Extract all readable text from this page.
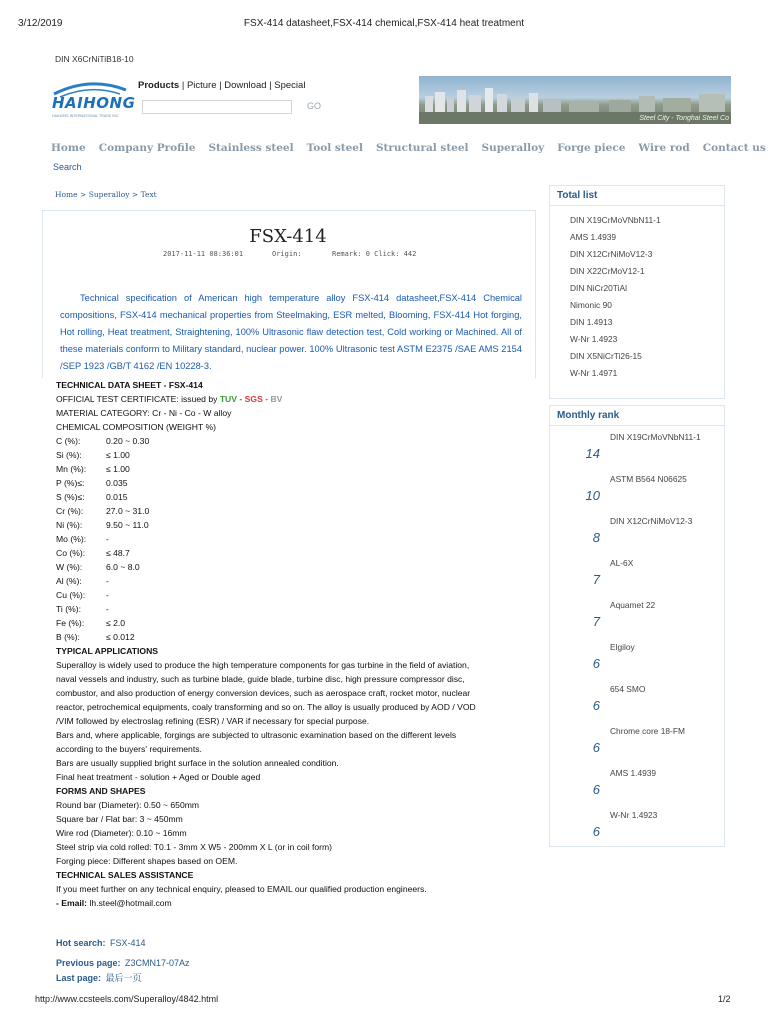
3/12/2019	FSX-414 datasheet,FSX-414 chemical,FSX-414 heat treatment
DIN X6CrNiTiB18-10
HAIHONG
HAIHONG INTERNATIONAL TRADE INC.
Products | Picture | Download | Special
GO
Steel City - Tonghai Steel Co
Home Company Profile Stainless steel Tool steel Structural steel Superalloy Forge piece Wire rod Contact us
Search
Home > Superalloy > Text
FSX-414
2017-11-11 08:36:01	Origin:	Remark: 0 Click: 442
Technical specification of American high temperature alloy FSX-414 datasheet,FSX-414 Chemical compositions, FSX-414 mechanical properties from Steelmaking, ESR melted, Blooming, FSX-414 Hot forging, Hot rolling, Heat treatment, Straightening, 100% Ultrasonic flaw detection test, Cold working or Machined. All of these materials conform to Military standard, nuclear power. 100% Ultrasonic test ASTM E2375 /SAE AMS 2154 /SEP 1923 /GB/T 4162 /EN 10228-3.
TECHNICAL DATA SHEET - FSX-414
OFFICIAL TEST CERTIFICATE: issued by TUV - SGS - BV
MATERIAL CATEGORY: Cr - Ni - Co - W alloy
CHEMICAL COMPOSITION (WEIGHT %)
C (%):	0.20 ~ 0.30
Si (%):	≤ 1.00
Mn (%):	≤ 1.00
P (%)≤:	0.035
S (%)≤:	0.015
Cr (%):	27.0 ~ 31.0
Ni (%):	9.50 ~ 11.0
Mo (%):	-
Co (%):	≤ 48.7
W (%):	6.0 ~ 8.0
Al (%):	-
Cu (%):	-
Ti (%):	-
Fe (%):	≤ 2.0
B (%):	≤ 0.012
TYPICAL APPLICATIONS
Superalloy is widely used to produce the high temperature components for gas turbine in the field of aviation,
naval vessels and industry, such as turbine blade, guide blade, turbine disc, high pressure compressor disc,
combustor, and also production of energy conversion devices, such as aerospace craft, rocket motor, nuclear
reactor, petrochemical equipments, coaly transforming and so on. The alloy is usually produced by AOD / VOD
/VIM followed by electroslag refining (ESR) / VAR if necessary for special purpose.
Bars and, where applicable, forgings are subjected to ultrasonic examination based on the different levels
according to the buyers' requirements.
Bars are usually supplied bright surface in the solution annealed condition.
Final heat treatment - solution + Aged or Double aged
FORMS AND SHAPES
Round bar (Diameter): 0.50 ~ 650mm
Square bar / Flat bar: 3 ~ 450mm
Wire rod (Diameter): 0.10 ~ 16mm
Steel strip via cold rolled: T0.1 - 3mm X W5 - 200mm X L (or in coil form)
Forging piece: Different shapes based on OEM.
TECHNICAL SALES ASSISTANCE
If you meet further on any technical enquiry, pleased to EMAIL our qualified production engineers.
- Email: lh.steel@hotmail.com
Hot search: FSX-414
Previous page: Z3CMN17-07Az
Last page: 最后一页
Total list
DIN X19CrMoVNbN11-1
AMS 1.4939
DIN X12CrNiMoV12-3
DIN X22CrMoV12-1
DIN NiCr20TiAl
Nimonic 90
DIN 1.4913
W-Nr 1.4923
DIN X5NiCrTi26-15
W-Nr 1.4971
Monthly rank
14
DIN X19CrMoVNbN11-1
10
ASTM B564 N06625
8
DIN X12CrNiMoV12-3
7
AL-6X
7
Aquamet 22
6
Elgiloy
6
654 SMO
6
Chrome core 18-FM
6
AMS 1.4939
6
W-Nr 1.4923
http://www.ccsteels.com/Superalloy/4842.html	1/2
